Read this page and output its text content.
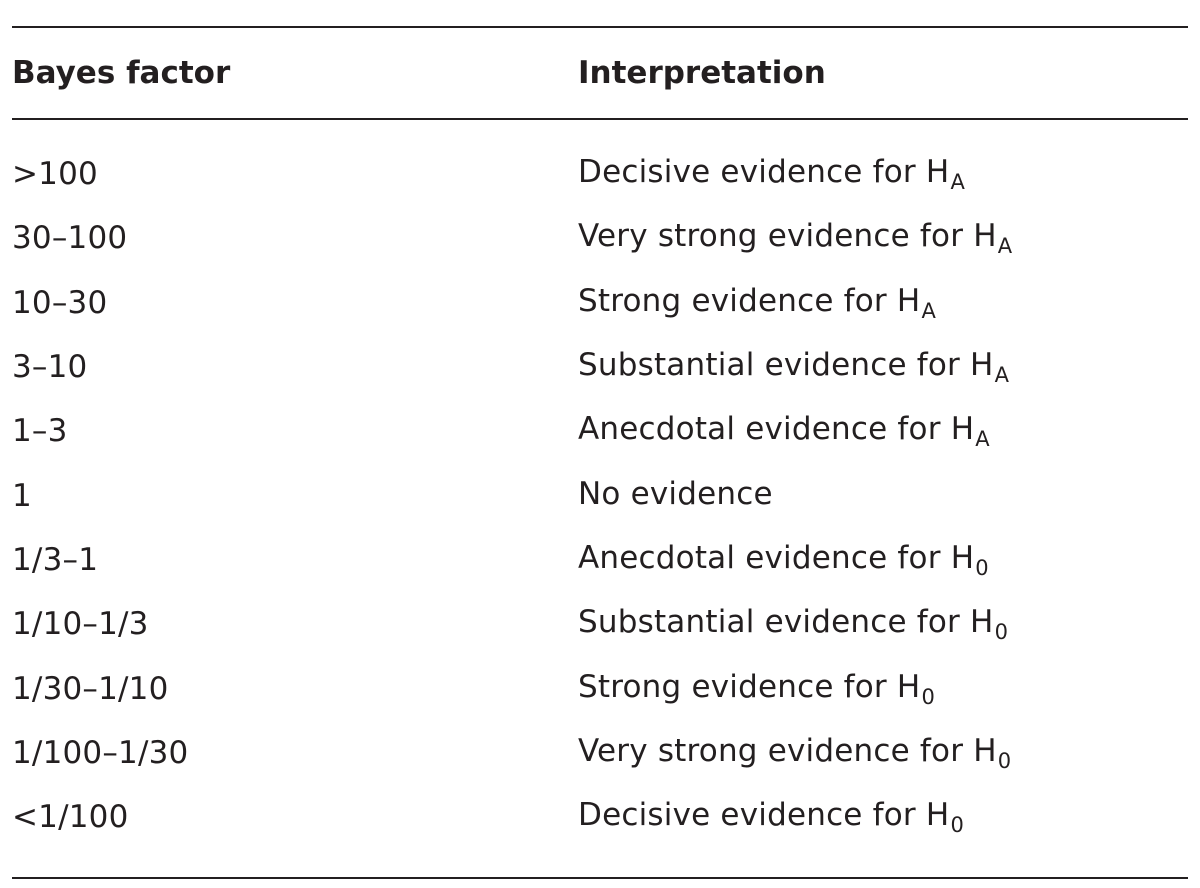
Bayes factor	Interpretation
>100	Decisive evidence for $H_A$
30–100	Very strong evidence for $H_A$
10–30	Strong evidence for $H_A$
3–10	Substantial evidence for $H_A$
1–3	Anecdotal evidence for $H_A$
1	No evidence
1/3–1	Anecdotal evidence for $H_0$
1/10–1/3	Substantial evidence for $H_0$
1/30–1/10	Strong evidence for $H_0$
1/100–1/30	Very strong evidence for $H_0$
<1/100	Decisive evidence for $H_0$
